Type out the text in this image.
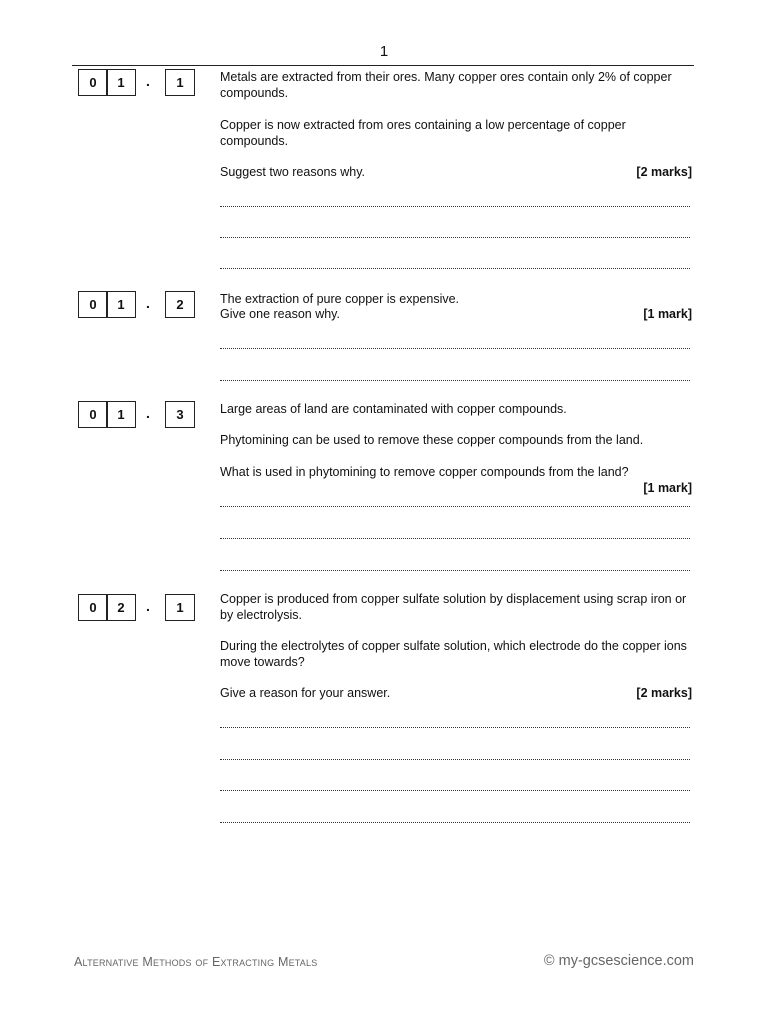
1
0	1	.	1	Metals are extracted from their ores. Many copper ores contain only 2% of copper compounds.
Copper is now extracted from ores containing a low percentage of copper compounds.
Suggest two reasons why.	[2 marks]
0	1	.	2	The extraction of pure copper is expensive.
Give one reason why.	[1 mark]
0	1	.	3	Large areas of land are contaminated with copper compounds.
Phytomining can be used to remove these copper compounds from the land.
What is used in phytomining to remove copper compounds from the land?
[1 mark]
0	2	.	1
Copper is produced from copper sulfate solution by displacement using scrap iron or by electrolysis.
During the electrolytes of copper sulfate solution, which electrode do the copper ions move towards?
Give a reason for your answer.	[2 marks]
Alternative Methods of Extracting Metals	© my-gcsescience.com
